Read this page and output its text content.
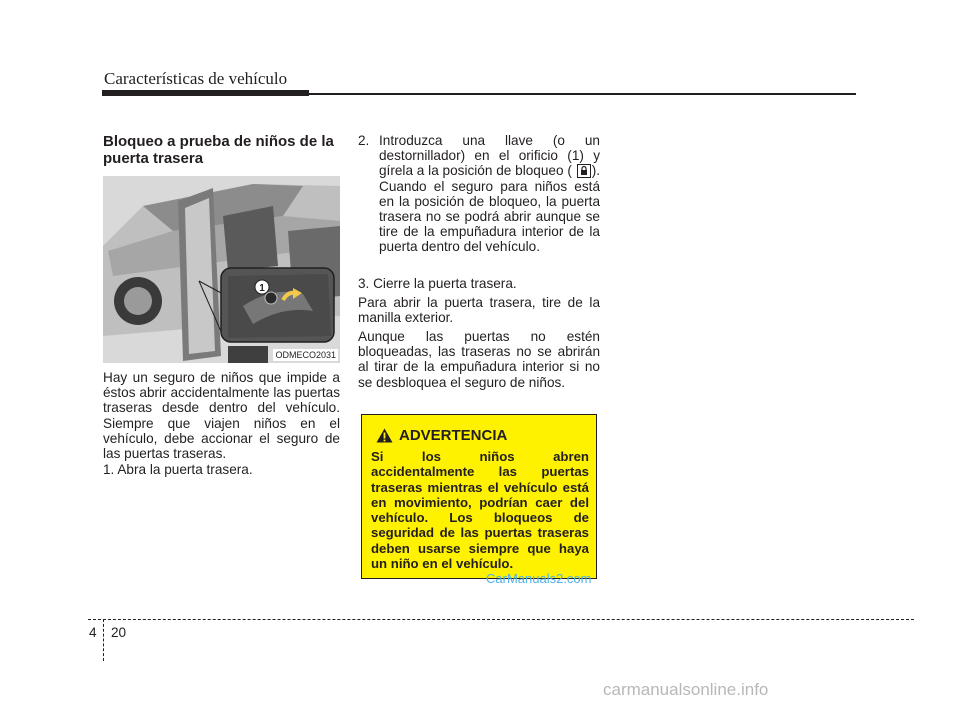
Características de vehículo
Bloqueo a prueba de niños de la puerta trasera
1
ODMECO2031

Hay un seguro de niños que impide a éstos abrir accidentalmente las puertas traseras desde dentro del vehículo. Siempre que viajen niños en el vehículo, debe accionar el seguro de las puertas traseras.

1. Abra la puerta trasera.

2. Introduzca una llave (o un destornillador) en el orificio (1) y gírela a la posición de bloqueo ( ). Cuando el seguro para niños está en la posición de bloqueo, la puerta trasera no se podrá abrir aunque se tire de la empuñadura interior de la puerta dentro del vehículo.

3. Cierre la puerta trasera.

Para abrir la puerta trasera, tire de la manilla exterior.

Aunque las puertas no estén bloqueadas, las traseras no se abrirán al tirar de la empuñadura interior si no se desbloquea el seguro de niños.

ADVERTENCIA
Si los niños abren accidentalmente las puertas traseras mientras el vehículo está en movimiento, podrían caer del vehículo. Los bloqueos de seguridad de las puertas traseras deben usarse siempre que haya un niño en el vehículo.
CarManuals2.com
4 20
carmanualsonline.info
